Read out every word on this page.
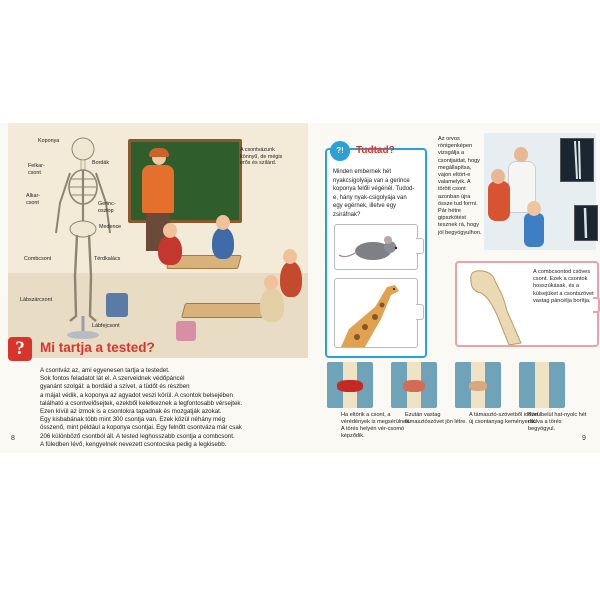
Koponya
Felkar-
csont
Bordák
Alkar-
csont	Gerinc-
oszlop
Medence
Combcsont	Térdkalács
Lábszárcsont
Lábfejcsont
A csontvázunk könnyű, de mégis erős és szilárd.
?	Mi tartja a tested?
A csontváz az, ami egyenesen tartja a testedet.
Sok fontos feladatot lát el. A szerveidnek védőpáncél
gyanánt szolgál: a bordáid a szívet, a tüdőt és részben
a májat védik, a koponya az agyadot veszi körül. A csontok belsejében
található a csontvelősejtek, ezekből keletkeznek a legfontosabb vérsejtek.
Ezen kívül az izmok is a csontokra tapadnak és mozgatják azokat.
Egy kisbabának több mint 300 csontja van. Ezek közül néhány még
összenő, mint például a koponya csontjai. Egy felnőtt csontváza már csak
206 különböző csontból áll. A tested leghosszabb csontja a combcsont.
A füledben lévő, kengyelnek nevezett csontocska pedig a legkisebb.
8
?!	Tudtad?
Minden embernek hét nyakcsigolyája van a gerince koponya felőli végénél. Tudod-e, hány nyak-csigolyája van egy egérnek, illetve egy zsiráfnak?
Az orvos röntgenképen vizsgálja a csontjaidat, hogy megállapítsa, vajon eltört-e valamelyik. A törött csont azonban újra össze tud forrni. Pár hétre gipszkötést tesznek rá, hogy jól begyógyulhon.
A combcsontod csöves csont. Ezek a csontok hosszúkásak, és a külsejüket a csontszövet vastag páncélja borítja.
Ha eltörik a csont, a vérédények is megsérülnek. A törés helyén vér-csomó képződik.
Ezután vastag támasztószövet jön létre.
A támasztó-szövetből idővel új csontanyag keményedik.
Körülbelül hat-nyolc hét múlva a törés begyógyul.
9
